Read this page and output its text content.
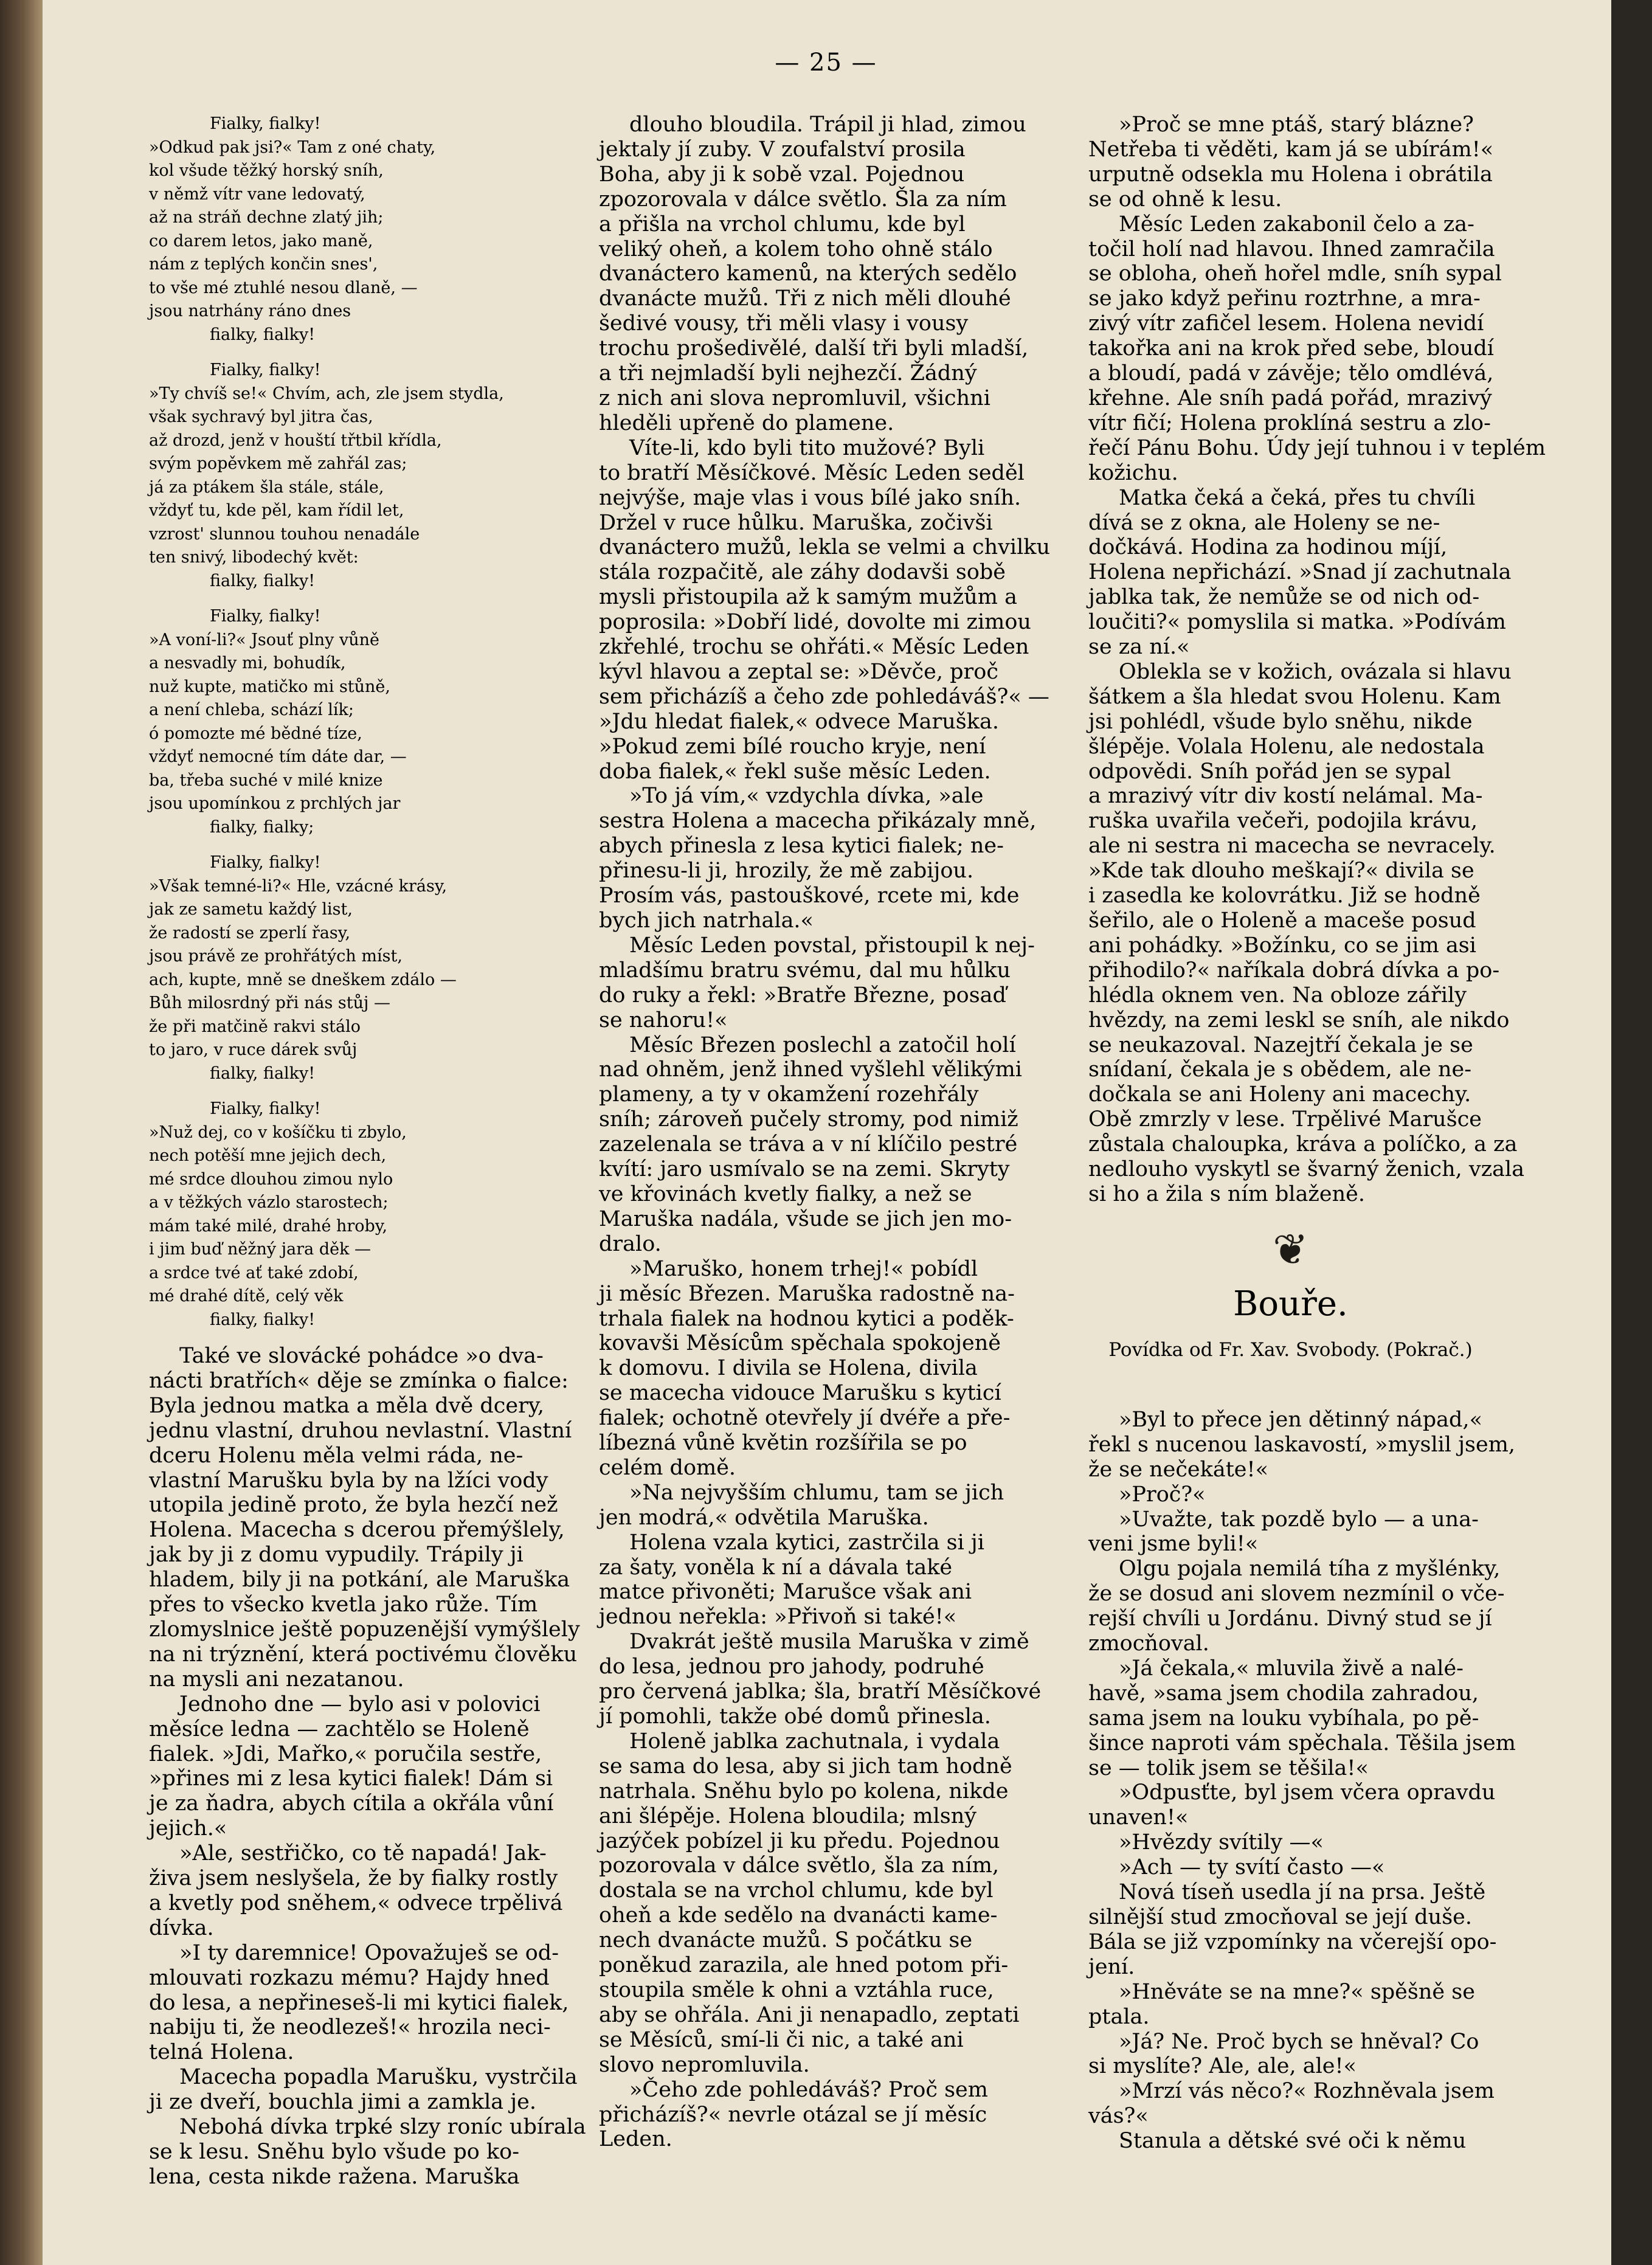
— 25 —
Fialky, fialky!
»Odkud pak jsi?« Tam z oné chaty,
kol všude těžký horský sníh,
v němž vítr vane ledovatý,
až na stráň dechne zlatý jih;
co darem letos, jako maně,
nám z teplých končin snes',
to vše mé ztuhlé nesou dlaně, —
jsou natrhány ráno dnes
fialky, fialky!
Fialky, fialky!
»Ty chvíš se!« Chvím, ach, zle jsem stydla,
však sychravý byl jitra čas,
až drozd, jenž v houští třtbil křídla,
svým popěvkem mě zahřál zas;
já za ptákem šla stále, stále,
vždyť tu, kde pěl, kam řídil let,
vzrost' slunnou touhou nenadále
ten snivý, libodechý květ:
fialky, fialky!
Fialky, fialky!
»A voní-li?« Jsouť plny vůně
a nesvadly mi, bohudík,
nuž kupte, matičko mi stůně,
a není chleba, schází lík;
ó pomozte mé bědné tíze,
vždyť nemocné tím dáte dar, —
ba, třeba suché v milé knize
jsou upomínkou z prchlých jar
fialky, fialky;
Fialky, fialky!
»Však temné-li?« Hle, vzácné krásy,
jak ze sametu každý list,
že radostí se zperlí řasy,
jsou právě ze prohřátých míst,
ach, kupte, mně se dneškem zdálo —
Bůh milosrdný při nás stůj —
že při matčině rakvi stálo
to jaro, v ruce dárek svůj
fialky, fialky!
Fialky, fialky!
»Nuž dej, co v košíčku ti zbylo,
nech potěší mne jejich dech,
mé srdce dlouhou zimou nylo
a v těžkých vázlo starostech;
mám také milé, drahé hroby,
i jim buď něžný jara děk —
a srdce tvé ať také zdobí,
mé drahé dítě, celý věk
fialky, fialky!

Také ve slovácké pohádce »o dva-
nácti bratřích« děje se zmínka o fialce:
Byla jednou matka a měla dvě dcery,
jednu vlastní, druhou nevlastní. Vlastní
dceru Holenu měla velmi ráda, ne-
vlastní Marušku byla by na lžíci vody
utopila jedině proto, že byla hezčí než
Holena. Macecha s dcerou přemýšlely,
jak by ji z domu vypudily. Trápily ji
hladem, bily ji na potkání, ale Maruška
přes to všecko kvetla jako růže. Tím
zlomyslnice ještě popuzenější vymýšlely
na ni trýznění, která poctivému člověku
na mysli ani nezatanou.

Jednoho dne — bylo asi v polovici
měsíce ledna — zachtělo se Holeně
fialek. »Jdi, Mařko,« poručila sestře,
»přines mi z lesa kytici fialek! Dám si
je za ňadra, abych cítila a okřála vůní
jejich.«

»Ale, sestřičko, co tě napadá! Jak-
živa jsem neslyšela, že by fialky rostly
a kvetly pod sněhem,« odvece trpělivá
dívka.

»I ty daremnice! Opovažuješ se od-
mlouvati rozkazu mému? Hajdy hned
do lesa, a nepřineseš-li mi kytici fialek,
nabiju ti, že neodlezeš!« hrozila neci-
telná Holena.

Macecha popadla Marušku, vystrčila
ji ze dveří, bouchla jimi a zamkla je.

Nebohá dívka trpké slzy roníc ubírala
se k lesu. Sněhu bylo všude po ko-
lena, cesta nikde ražena. Maruška

dlouho bloudila. Trápil ji hlad, zimou
jektaly jí zuby. V zoufalství prosila
Boha, aby ji k sobě vzal. Pojednou
zpozorovala v dálce světlo. Šla za ním
a přišla na vrchol chlumu, kde byl
veliký oheň, a kolem toho ohně stálo
dvanáctero kamenů, na kterých sedělo
dvanácte mužů. Tři z nich měli dlouhé
šedivé vousy, tři měli vlasy i vousy
trochu prošedivělé, další tři byli mladší,
a tři nejmladší byli nejhezčí. Žádný
z nich ani slova nepromluvil, všichni
hleděli upřeně do plamene.

Víte-li, kdo byli tito mužové? Byli
to bratří Měsíčkové. Měsíc Leden seděl
nejvýše, maje vlas i vous bílé jako sníh.
Držel v ruce hůlku. Maruška, zočivši
dvanáctero mužů, lekla se velmi a chvilku
stála rozpačitě, ale záhy dodavši sobě
mysli přistoupila až k samým mužům a
poprosila: »Dobří lidé, dovolte mi zimou
zkřehlé, trochu se ohřáti.« Měsíc Leden
kývl hlavou a zeptal se: »Děvče, proč
sem přicházíš a čeho zde pohledáváš?« —
»Jdu hledat fialek,« odvece Maruška.
»Pokud zemi bílé roucho kryje, není
doba fialek,« řekl suše měsíc Leden.

»To já vím,« vzdychla dívka, »ale
sestra Holena a macecha přikázaly mně,
abych přinesla z lesa kytici fialek; ne-
přinesu-li ji, hrozily, že mě zabijou.
Prosím vás, pastouškové, rcete mi, kde
bych jich natrhala.«

Měsíc Leden povstal, přistoupil k nej-
mladšímu bratru svému, dal mu hůlku
do ruky a řekl: »Bratře Březne, posaď
se nahoru!«

Měsíc Březen poslechl a zatočil holí
nad ohněm, jenž ihned vyšlehl vělikými
plameny, a ty v okamžení rozehřály
sníh; zároveň pučely stromy, pod nimiž
zazelenala se tráva a v ní klíčilo pestré
kvítí: jaro usmívalo se na zemi. Skryty
ve křovinách kvetly fialky, a než se
Maruška nadála, všude se jich jen mo-
dralo.

»Maruško, honem trhej!« pobídl
ji měsíc Březen. Maruška radostně na-
trhala fialek na hodnou kytici a poděk-
kovavši Měsícům spěchala spokojeně
k domovu. I divila se Holena, divila
se macecha vidouce Marušku s kyticí
fialek; ochotně otevřely jí dvéře a pře-
líbezná vůně květin rozšířila se po
celém domě.

»Na nejvyšším chlumu, tam se jich
jen modrá,« odvětila Maruška.

Holena vzala kytici, zastrčila si ji
za šaty, voněla k ní a dávala také
matce přivoněti; Marušce však ani
jednou neřekla: »Přivoň si také!«

Dvakrát ještě musila Maruška v zimě
do lesa, jednou pro jahody, podruhé
pro červená jablka; šla, bratří Měsíčkové
jí pomohli, takže obé domů přinesla.

Holeně jablka zachutnala, i vydala
se sama do lesa, aby si jich tam hodně
natrhala. Sněhu bylo po kolena, nikde
ani šlépěje. Holena bloudila; mlsný
jazýček pobízel ji ku předu. Pojednou
pozorovala v dálce světlo, šla za ním,
dostala se na vrchol chlumu, kde byl
oheň a kde sedělo na dvanácti kame-
nech dvanácte mužů. S počátku se
poněkud zarazila, ale hned potom při-
stoupila směle k ohni a vztáhla ruce,
aby se ohřála. Ani ji nenapadlo, zeptati
se Měsíců, smí-li či nic, a také ani
slovo nepromluvila.

»Čeho zde pohledáváš? Proč sem
přicházíš?« nevrle otázal se jí měsíc
Leden.

»Proč se mne ptáš, starý blázne?
Netřeba ti věděti, kam já se ubírám!«
urputně odsekla mu Holena i obrátila
se od ohně k lesu.

Měsíc Leden zakabonil čelo a za-
točil holí nad hlavou. Ihned zamračila
se obloha, oheň hořel mdle, sníh sypal
se jako když peřinu roztrhne, a mra-
zivý vítr zafičel lesem. Holena nevidí
takořka ani na krok před sebe, bloudí
a bloudí, padá v závěje; tělo omdlévá,
křehne. Ale sníh padá pořád, mrazivý
vítr fičí; Holena proklíná sestru a zlo-
řečí Pánu Bohu. Údy její tuhnou i v teplém
kožichu.

Matka čeká a čeká, přes tu chvíli
dívá se z okna, ale Holeny se ne-
dočkává. Hodina za hodinou míjí,
Holena nepřichází. »Snad jí zachutnala
jablka tak, že nemůže se od nich od-
loučiti?« pomyslila si matka. »Podívám
se za ní.«

Oblekla se v kožich, ovázala si hlavu
šátkem a šla hledat svou Holenu. Kam
jsi pohlédl, všude bylo sněhu, nikde
šlépěje. Volala Holenu, ale nedostala
odpovědi. Sníh pořád jen se sypal
a mrazivý vítr div kostí nelámal. Ma-
ruška uvařila večeři, podojila krávu,
ale ni sestra ni macecha se nevracely.
»Kde tak dlouho meškají?« divila se
i zasedla ke kolovrátku. Již se hodně
šeřilo, ale o Holeně a maceše posud
ani pohádky. »Božínku, co se jim asi
přihodilo?« naříkala dobrá dívka a po-
hlédla oknem ven. Na obloze zářily
hvězdy, na zemi leskl se sníh, ale nikdo
se neukazoval. Nazejtří čekala je se
snídaní, čekala je s obědem, ale ne-
dočkala se ani Holeny ani macechy.
Obě zmrzly v lese. Trpělivé Marušce
zůstala chaloupka, kráva a políčko, a za
nedlouho vyskytl se švarný ženich, vzala
si ho a žila s ním blaženě.

❦
Bouře.
Povídka od Fr. Xav. Svobody. (Pokrač.)

»Byl to přece jen dětinný nápad,«
řekl s nucenou laskavostí, »myslil jsem,
že se nečekáte!«

»Proč?«

»Uvažte, tak pozdě bylo — a una-
veni jsme byli!«

Olgu pojala nemilá tíha z myšlénky,
že se dosud ani slovem nezmínil o vče-
rejší chvíli u Jordánu. Divný stud se jí
zmocňoval.

»Já čekala,« mluvila živě a nalé-
havě, »sama jsem chodila zahradou,
sama jsem na louku vybíhala, po pě-
šince naproti vám spěchala. Těšila jsem
se — tolik jsem se těšila!«

»Odpusťte, byl jsem včera opravdu
unaven!«

»Hvězdy svítily —«

»Ach — ty svítí často —«

Nová tíseň usedla jí na prsa. Ještě
silnější stud zmocňoval se její duše.
Bála se již vzpomínky na včerejší opo-
jení.

»Hněváte se na mne?« spěšně se
ptala.

»Já? Ne. Proč bych se hněval? Co
si myslíte? Ale, ale, ale!«

»Mrzí vás něco?« Rozhněvala jsem
vás?«

Stanula a dětské své oči k němu
